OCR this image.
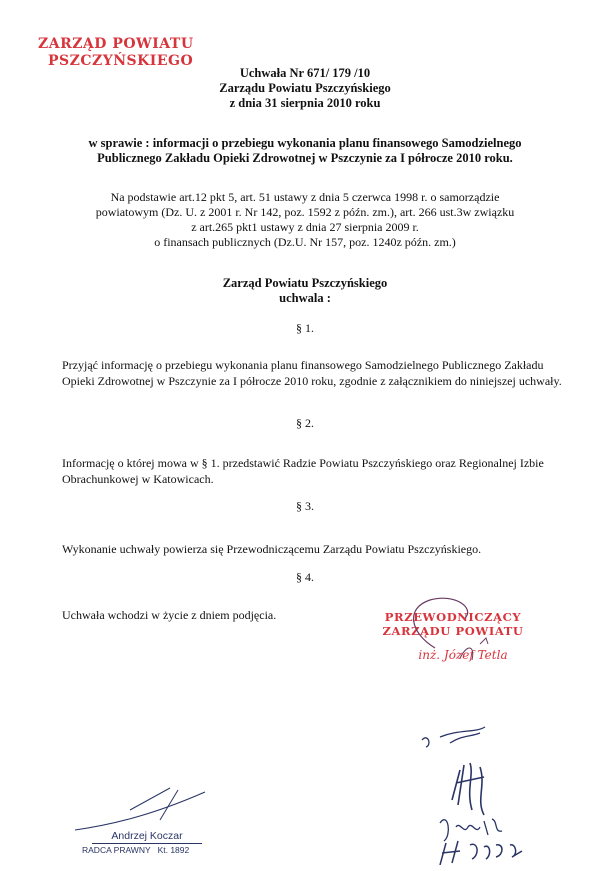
ZARZĄD POWIATU
PSZCZYŃSKIEGO
Uchwała Nr 671/ 179 /10
Zarządu Powiatu Pszczyńskiego
z dnia 31 sierpnia 2010 roku
w sprawie : informacji o przebiegu wykonania planu finansowego Samodzielnego
Publicznego Zakładu Opieki Zdrowotnej w Pszczynie za I półrocze 2010 roku.
Na podstawie art.12 pkt 5, art. 51 ustawy z dnia 5 czerwca 1998 r. o samorządzie
powiatowym (Dz. U. z 2001 r. Nr 142, poz. 1592 z późn. zm.), art. 266 ust.3w związku
z art.265 pkt1 ustawy z dnia 27 sierpnia 2009 r.
o finansach publicznych (Dz.U. Nr 157, poz. 1240z późn. zm.)
Zarząd Powiatu Pszczyńskiego
uchwala :
§ 1.
Przyjąć informację o przebiegu wykonania planu finansowego Samodzielnego Publicznego Zakładu Opieki Zdrowotnej w Pszczynie za I półrocze 2010 roku, zgodnie z załącznikiem do niniejszej uchwały.
§ 2.
Informację o której mowa w § 1. przedstawić Radzie Powiatu Pszczyńskiego oraz Regionalnej Izbie Obrachunkowej w Katowicach.
§ 3.
Wykonanie uchwały powierza się Przewodniczącemu Zarządu Powiatu Pszczyńskiego.
§ 4.
Uchwała wchodzi w życie z dniem podjęcia.	PRZEWODNICZĄCY
ZARZĄDU POWIATU
inż. Józef Tetla
Andrzej Koczar
RADCA PRAWNY   Kt. 1892
